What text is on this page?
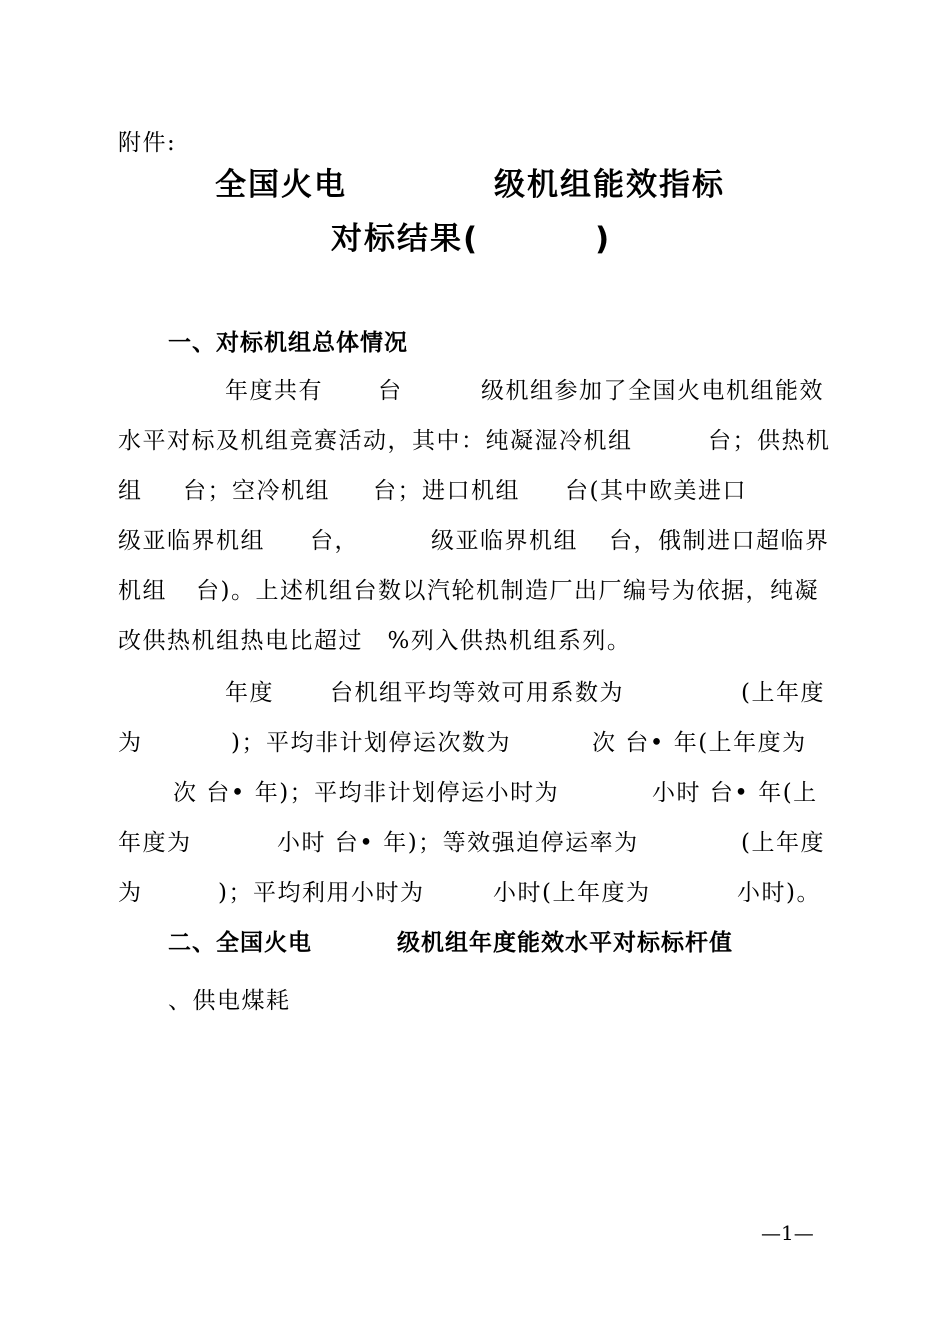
附件:
全国火电	级机组能效指标
对标结果(	)
一、对标机组总体情况
年度共有 台	级机组参加了全国火电机组能效
水平对标及机组竞赛活动，其中：纯凝湿冷机组	台；供热机
组 台；空冷机组 台；进口机组 台(其中欧美进口
级亚临界机组 台，	级亚临界机组 台，俄制进口超临界
机组 台)。上述机组台数以汽轮机制造厂出厂编号为依据，纯凝
改供热机组热电比超过　%列入供热机组系列。
年度 台机组平均等效可用系数为	(上年度
为	)；平均非计划停运次数为	次 台• 年(上年度为
次 台• 年)；平均非计划停运小时为	小时 台• 年(上
年度为	小时 台• 年)；等效强迫停运率为	(上年度
为	)；平均利用小时为	小时(上年度为	小时)。
二、全国火电	级机组年度能效水平对标标杆值
、供电煤耗
—1—
